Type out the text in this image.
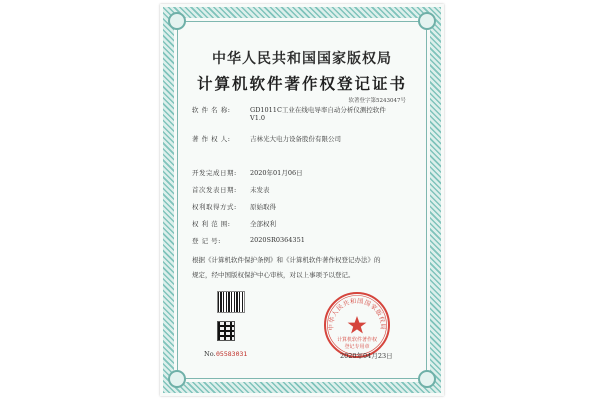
中华人民共和国国家版权局
计算机软件著作权登记证书
软著登字第5243047号
软 件 名 称:	GD1011C工业在线电导率自动分析仪测控软件
V1.0
著 作 权 人:	吉林光大电力设备股份有限公司
开发完成日期: 2020年01月06日
首次发表日期: 未发表
权利取得方式: 原始取得
权 利 范 围:	全部权利
登 记 号:	2020SR0364351
根据《计算机软件保护条例》和《计算机软件著作权登记办法》的
规定，经中国版权保护中心审核，对以上事项予以登记。
No. 05583031
中华人民共和国国家版权局
计算机软件著作权
登记专用章
2020年04月23日
